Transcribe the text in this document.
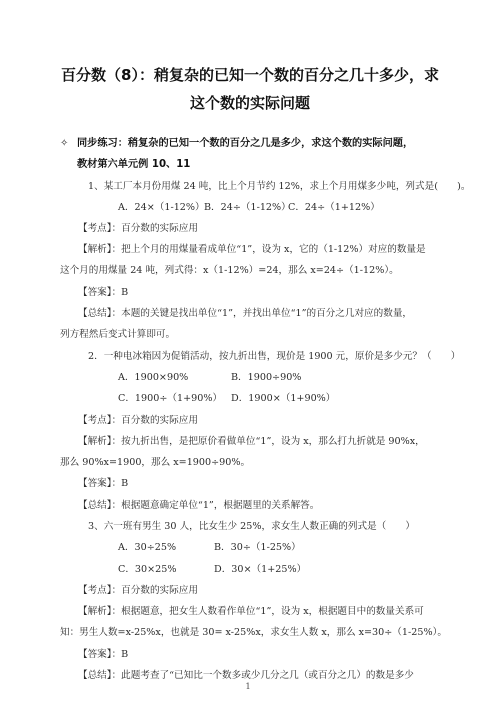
百分数（8）：稍复杂的已知一个数的百分之几十多少，求
这个数的实际问题
✧ 同步练习：稍复杂的已知一个数的百分之几是多少，求这个数的实际问题，
教材第六单元例 10、11
1、某工厂本月份用煤 24 吨，比上个月节约 12%，求上个月用煤多少吨，列式是(　　)。
A．24×（1-12%） B．24÷（1-12%）
C．24÷（1+12%）
【考点】：百分数的实际应用
【解析】：把上个月的用煤量看成单位“1”，设为 x，它的（1-12%）对应的数量是
这个月的用煤量 24 吨，列式得：x（1-12%）=24，那么 x=24÷（1-12%）。
【答案】：B
【总结】：本题的关键是找出单位“1”，并找出单位“1”的百分之几对应的数量，
列方程然后变式计算即可。
2．一种电冰箱因为促销活动，按九折出售，现价是 1900 元，原价是多少元？（　　）
A．1900×90%	B．1900÷90%
C．1900÷（1+90%） D．1900×（1+90%）
【考点】：百分数的实际应用
【解析】：按九折出售，是把原价看做单位“1”，设为 x，那么打九折就是 90%x，
那么 90%x=1900，那么 x=1900÷90%。
【答案】：B
【总结】：根据题意确定单位“1”，根据题里的关系解答。
3、六一班有男生 30 人，比女生少 25%，求女生人数正确的列式是（　　）
A．30÷25%	B．30÷（1-25%）
C．30×25%	D．30×（1+25%）
【考点】：百分数的实际应用
【解析】：根据题意，把女生人数看作单位“1”，设为 x，根据题目中的数量关系可
知：男生人数=x-25%x，也就是 30= x-25%x，求女生人数 x，那么 x=30÷（1-25%）。
【答案】：B
【总结】：此题考查了“已知比一个数多或少几分之几（或百分之几）的数是多少
1
